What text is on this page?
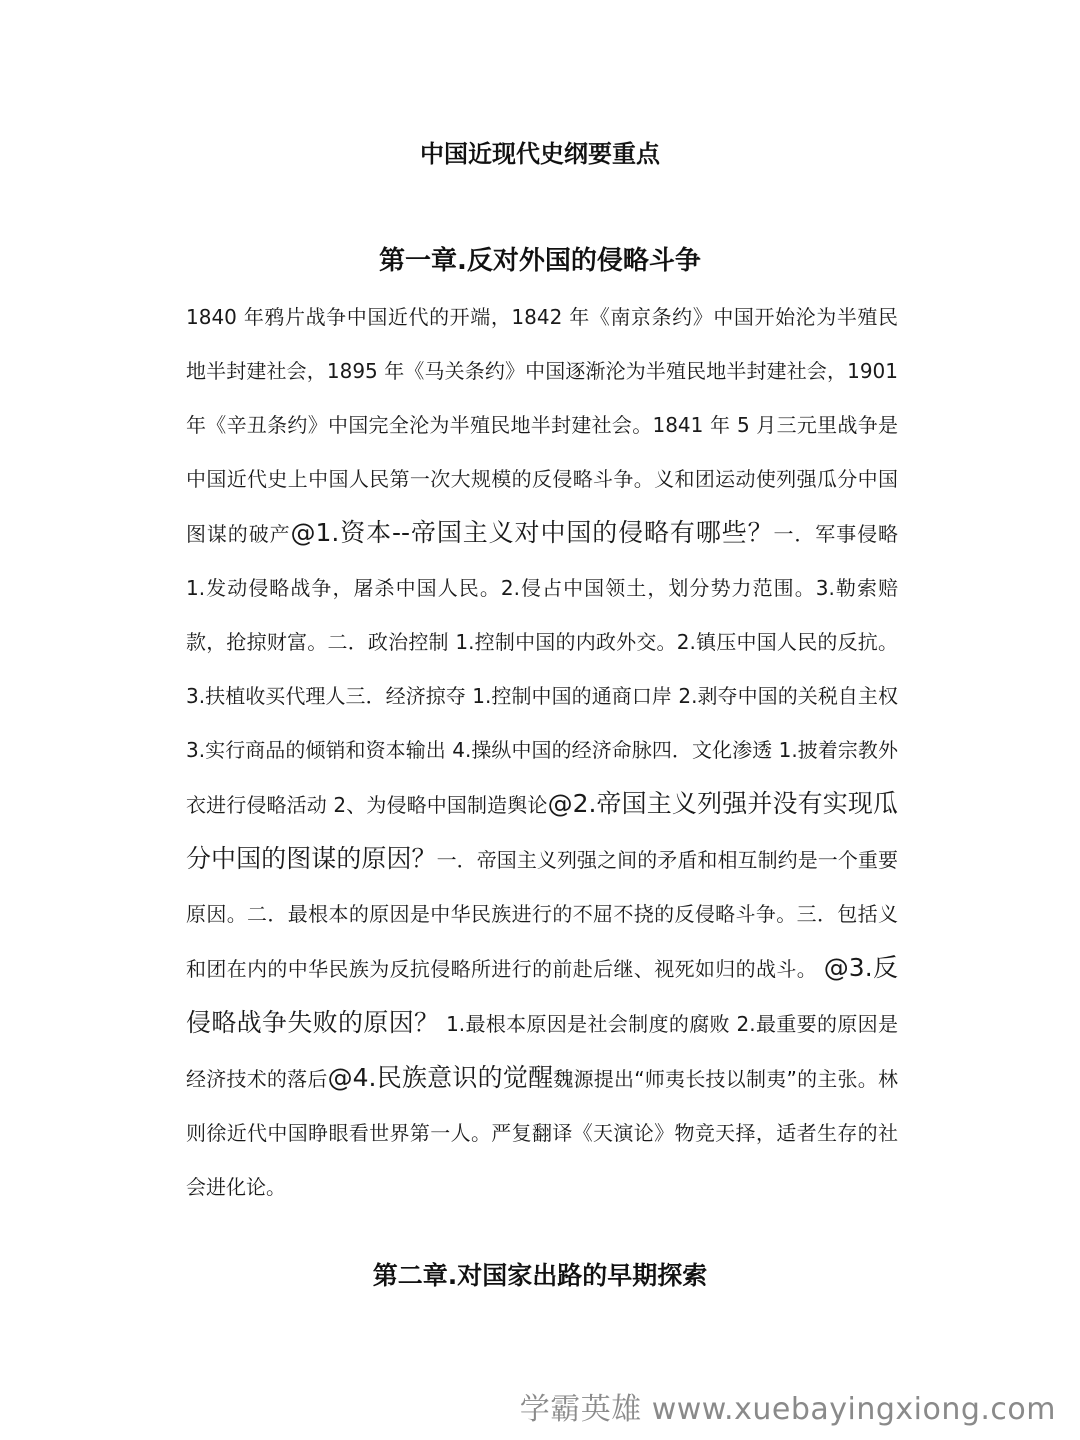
中国近现代史纲要重点
第一章.反对外国的侵略斗争
1840 年鸦片战争中国近代的开端，1842 年《南京条约》中国开始沦为半殖民地半封建社会，1895 年《马关条约》中国逐渐沦为半殖民地半封建社会，1901 年《辛丑条约》中国完全沦为半殖民地半封建社会。1841 年 5 月三元里战争是中国近代史上中国人民第一次大规模的反侵略斗争。义和团运动使列强瓜分中国图谋的破产@1.资本--帝国主义对中国的侵略有哪些？一．军事侵略 1.发动侵略战争，屠杀中国人民。2.侵占中国领土，划分势力范围。3.勒索赔款，抢掠财富。二．政治控制 1.控制中国的内政外交。2.镇压中国人民的反抗。3.扶植收买代理人三．经济掠夺 1.控制中国的通商口岸 2.剥夺中国的关税自主权 3.实行商品的倾销和资本输出 4.操纵中国的经济命脉四．文化渗透 1.披着宗教外衣进行侵略活动 2、为侵略中国制造舆论@2.帝国主义列强并没有实现瓜分中国的图谋的原因？一．帝国主义列强之间的矛盾和相互制约是一个重要原因。二．最根本的原因是中华民族进行的不屈不挠的反侵略斗争。三．包括义和团在内的中华民族为反抗侵略所进行的前赴后继、视死如归的战斗。 @3.反侵略战争失败的原因？ 1.最根本原因是社会制度的腐败 2.最重要的原因是经济技术的落后@4.民族意识的觉醒魏源提出“师夷长技以制夷”的主张。林则徐近代中国睁眼看世界第一人。严复翻译《天演论》物竞天择，适者生存的社会进化论。
第二章.对国家出路的早期探索
学霸英雄 www.xuebayingxiong.com
